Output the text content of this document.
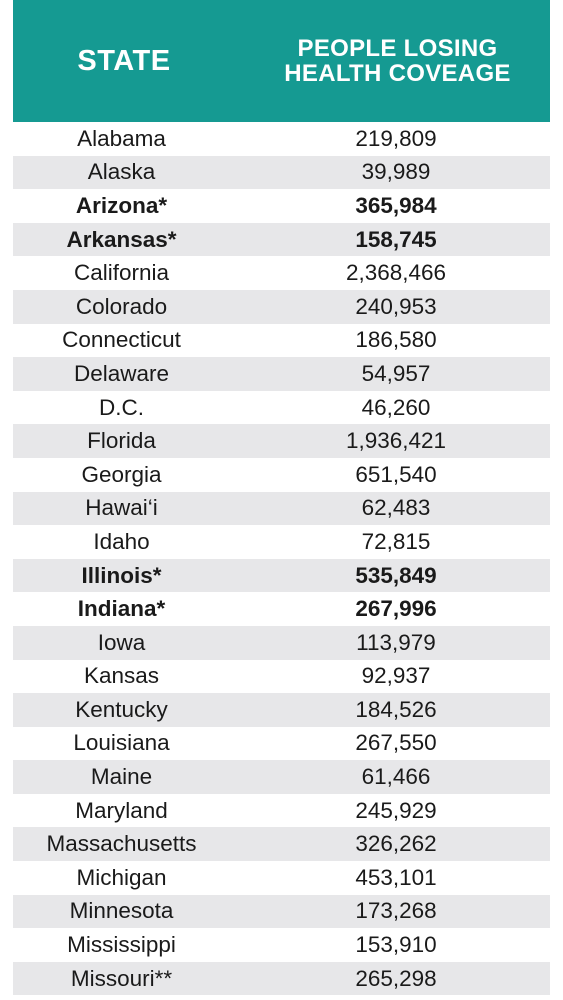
STATE	PEOPLE LOSING
HEALTH COVEAGE
Alabama	219,809
Alaska	39,989
Arizona*	365,984
Arkansas*	158,745
California	2,368,466
Colorado	240,953
Connecticut	186,580
Delaware	54,957
D.C.	46,260
Florida	1,936,421
Georgia	651,540
Hawai‘i	62,483
Idaho	72,815
Illinois*	535,849
Indiana*	267,996
Iowa	113,979
Kansas	92,937
Kentucky	184,526
Louisiana	267,550
Maine	61,466
Maryland	245,929
Massachusetts	326,262
Michigan	453,101
Minnesota	173,268
Mississippi	153,910
Missouri**	265,298
